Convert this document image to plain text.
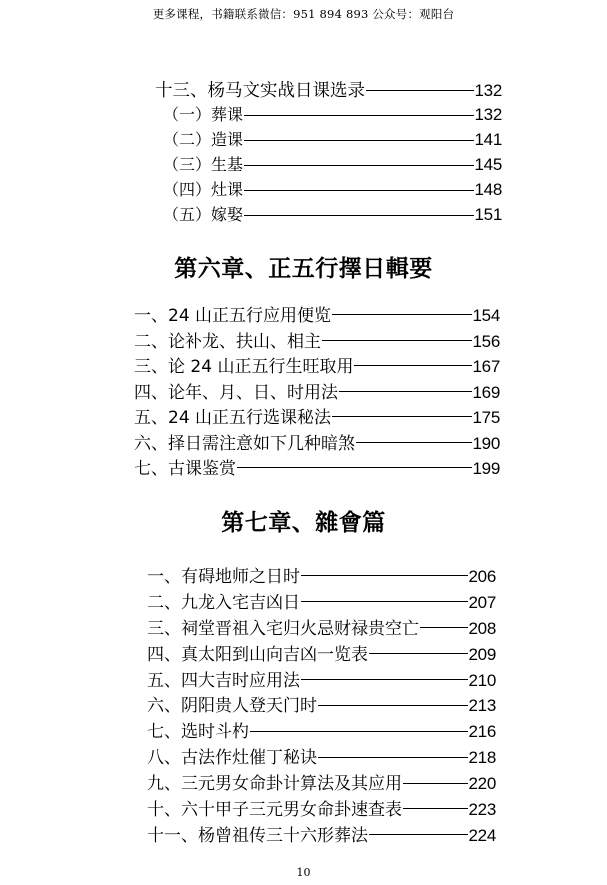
更多课程，书籍联系微信：951 894 893 公众号：观阳台
十三、杨马文实战日课选录	132
（一）葬课	132
（二）造课	141
（三）生基	145
（四）灶课	148
（五）嫁娶	151
第六章、正五行擇日輯要
一、24 山正五行应用便览	154
二、论补龙、扶山、相主	156
三、论 24 山正五行生旺取用	167
四、论年、月、日、时用法	169
五、24 山正五行选课秘法	175
六、择日需注意如下几种暗煞	190
七、古课鉴赏	199
第七章、雜會篇
一、有碍地师之日时	206
二、九龙入宅吉凶日	207
三、祠堂晋祖入宅归火忌财禄贵空亡	208
四、真太阳到山向吉凶一览表	209
五、四大吉时应用法	210
六、阴阳贵人登天门时	213
七、选时斗杓	216
八、古法作灶催丁秘诀	218
九、三元男女命卦计算法及其应用	220
十、六十甲子三元男女命卦速查表	223
十一、杨曾祖传三十六形葬法	224
10
